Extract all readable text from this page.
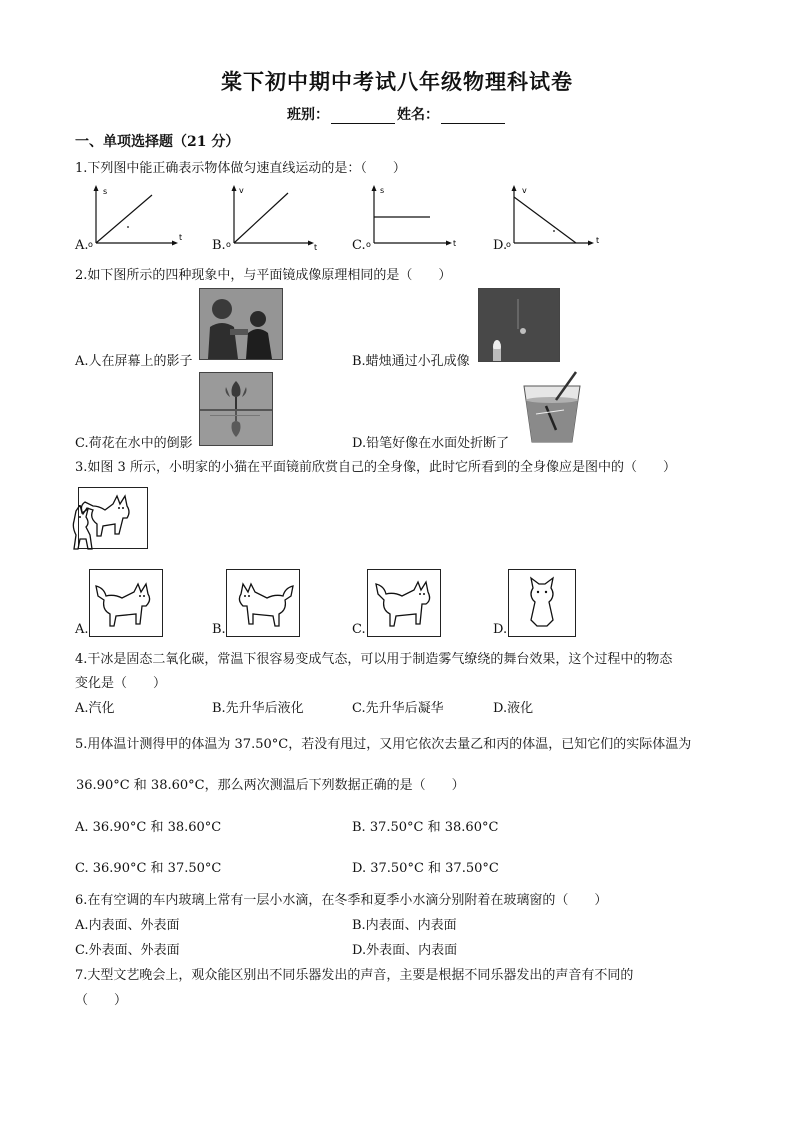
棠下初中期中考试八年级物理科试卷
班别：	姓名：
一、单项选择题（21 分）
1.下列图中能正确表示物体做匀速直线运动的是：（　　）
A.
s
t
o	B.
v
t
o	C.
s
t
o	D.
v
t
o
2.如下图所示的四种现象中，与平面镜成像原理相同的是（　　）
A.人在屏幕上的影子	B.蜡烛通过小孔成像
C.荷花在水中的倒影	D.铅笔好像在水面处折断了
3.如图 3 所示，小明家的小猫在平面镜前欣赏自己的全身像，此时它所看到的全身像应是图中的（　　）
A.	B.	C.	D.
4.干冰是固态二氧化碳，常温下很容易变成气态，可以用于制造雾气缭绕的舞台效果，这个过程中的物态
变化是（　　）
A.汽化	B.先升华后液化	C.先升华后凝华	D.液化
5.用体温计测得甲的体温为 37.50°C，若没有甩过，又用它依次去量乙和丙的体温，已知它们的实际体温为
36.90°C 和 38.60°C，那么两次测温后下列数据正确的是（　　）
A. 36.90°C 和 38.60°C	B. 37.50°C 和 38.60°C
C. 36.90°C 和 37.50°C	D. 37.50°C 和 37.50°C
6.在有空调的车内玻璃上常有一层小水滴，在冬季和夏季小水滴分别附着在玻璃窗的（　　）
A.内表面、外表面	B.内表面、内表面
C.外表面、外表面	D.外表面、内表面
7.大型文艺晚会上，观众能区别出不同乐器发出的声音，主要是根据不同乐器发出的声音有不同的
（　　）
